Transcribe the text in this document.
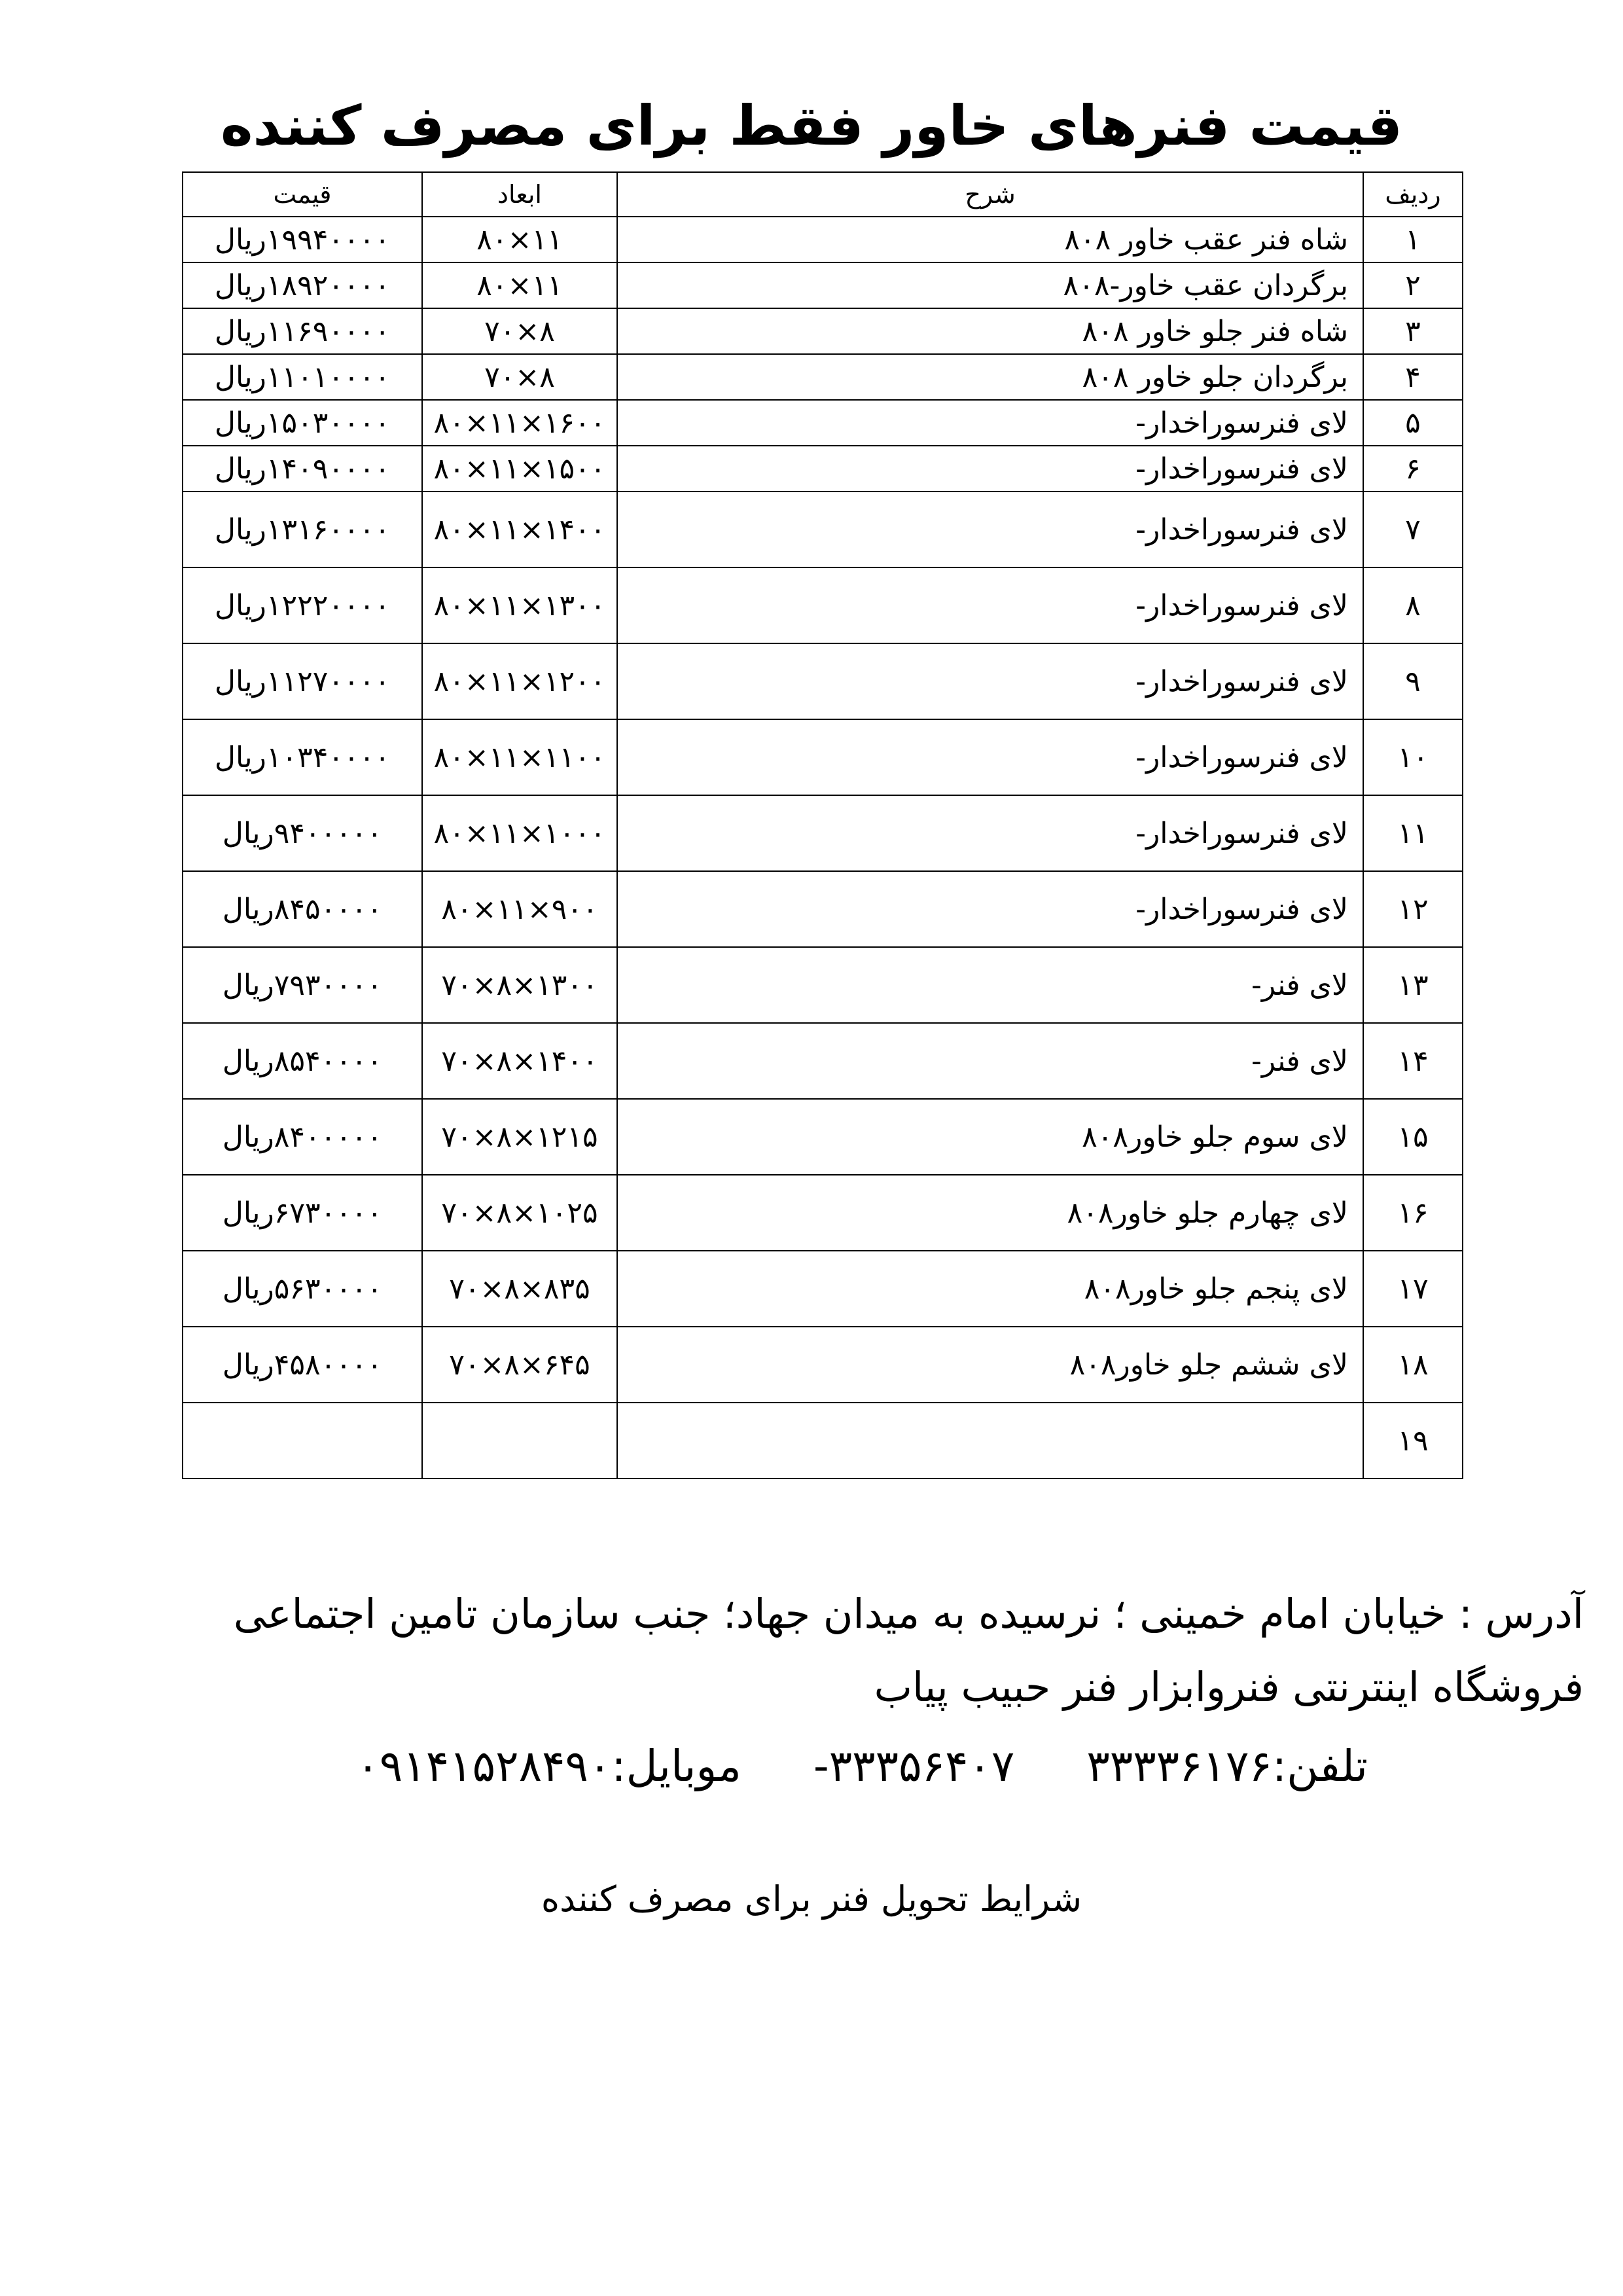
قیمت فنرهای خاور فقط برای مصرف کننده
ردیف	شرح	ابعاد	قیمت
۱	شاه فنر عقب خاور ۸۰۸	۱۱×۸۰	۱۹۹۴۰۰۰۰ریال
۲	برگردان عقب خاور-۸۰۸	۱۱×۸۰	۱۸۹۲۰۰۰۰ریال
۳	شاه فنر جلو خاور ۸۰۸	۸×۷۰	۱۱۶۹۰۰۰۰ریال
۴	برگردان جلو خاور ۸۰۸	۸×۷۰	۱۱۰۱۰۰۰۰ریال
۵	لای فنرسوراخدار-	۱۶۰۰×۱۱×۸۰	۱۵۰۳۰۰۰۰ریال
۶	لای فنرسوراخدار-	۱۵۰۰×۱۱×۸۰	۱۴۰۹۰۰۰۰ریال
۷	لای فنرسوراخدار-	۱۴۰۰×۱۱×۸۰	۱۳۱۶۰۰۰۰ریال
۸	لای فنرسوراخدار-	۱۳۰۰×۱۱×۸۰	۱۲۲۲۰۰۰۰ریال
۹	لای فنرسوراخدار-	۱۲۰۰×۱۱×۸۰	۱۱۲۷۰۰۰۰ریال
۱۰	لای فنرسوراخدار-	۱۱۰۰×۱۱×۸۰	۱۰۳۴۰۰۰۰ریال
۱۱	لای فنرسوراخدار-	۱۰۰۰×۱۱×۸۰	۹۴۰۰۰۰۰ریال
۱۲	لای فنرسوراخدار-	۹۰۰×۱۱×۸۰	۸۴۵۰۰۰۰ریال
۱۳	لای فنر-	۱۳۰۰×۸×۷۰	۷۹۳۰۰۰۰ریال
۱۴	لای فنر-	۱۴۰۰×۸×۷۰	۸۵۴۰۰۰۰ریال
۱۵	لای سوم جلو خاور۸۰۸	۱۲۱۵×۸×۷۰	۸۴۰۰۰۰۰ریال
۱۶	لای چهارم جلو خاور۸۰۸	۱۰۲۵×۸×۷۰	۶۷۳۰۰۰۰ریال
۱۷	لای پنجم جلو خاور۸۰۸	۸۳۵×۸×۷۰	۵۶۳۰۰۰۰ریال
۱۸	لای ششم جلو خاور۸۰۸	۶۴۵×۸×۷۰	۴۵۸۰۰۰۰ریال
۱۹			
آدرس : خیابان امام خمینی ؛ نرسیده به میدان جهاد؛ جنب سازمان تامین اجتماعی
فروشگاه اینترنتی فنروابزار فنر حبیب پیاب
تلفن:۳۳۳۳۶۱۷۶۳۳۳۵۶۴۰۷-موبایل:۰۹۱۴۱۵۲۸۴۹۰
شرایط تحویل فنر برای مصرف کننده
